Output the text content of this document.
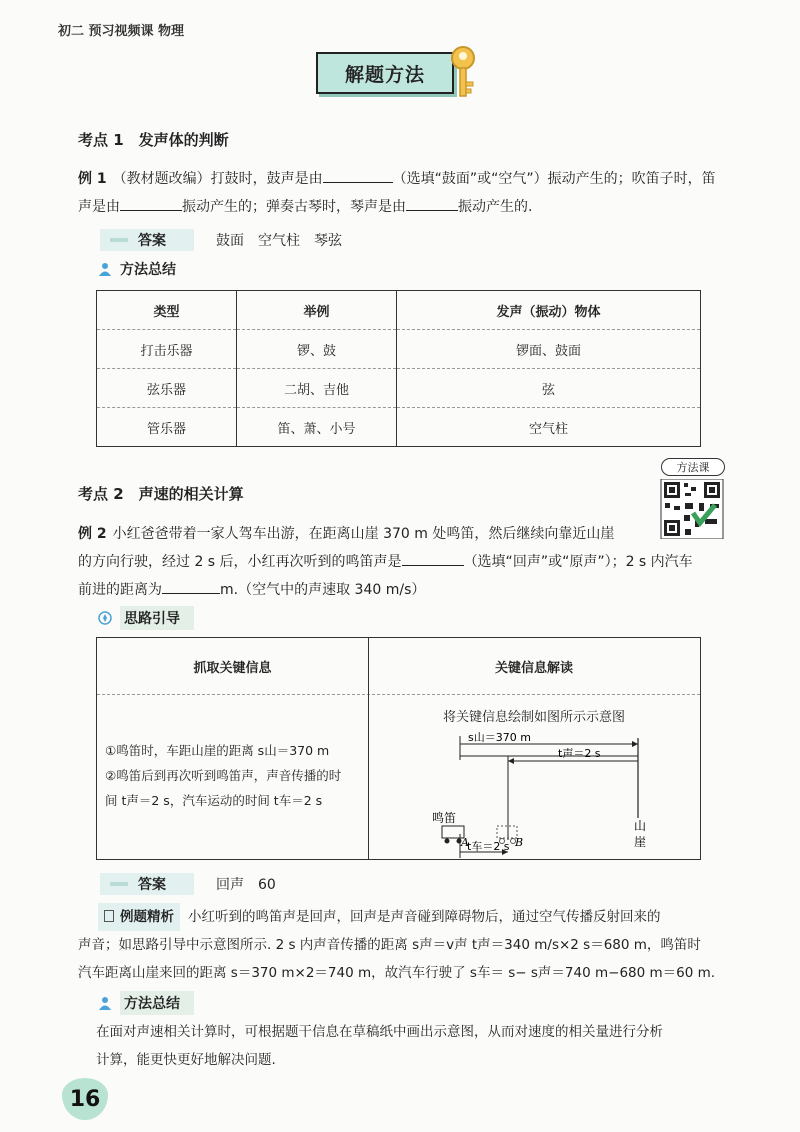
初二 预习视频课 物理
解题方法
考点 1　发声体的判断
例 1 （教材题改编）打鼓时，鼓声是由	（选填“鼓面”或“空气”）振动产生的；吹笛子时，笛
声是由	振动产生的；弹奏古琴时，琴声是由	振动产生的.
答案	鼓面　空气柱　琴弦
方法总结
类型	举例	发声（振动）物体
打击乐器	锣、鼓	锣面、鼓面
弦乐器	二胡、吉他	弦
管乐器	笛、萧、小号	空气柱
考点 2　声速的相关计算
方法课
例 2 小红爸爸带着一家人驾车出游，在距离山崖 370 m 处鸣笛，然后继续向靠近山崖
的方向行驶，经过 2 s 后，小红再次听到的鸣笛声是	（选填“回声”或“原声”）；2 s 内汽车
前进的距离为	m.（空气中的声速取 340 m/s）
思路引导
抓取关键信息	关键信息解读
①鸣笛时，车距山崖的距离 s山＝370 m
②鸣笛后到再次听到鸣笛声，声音传播的时
间 t声＝2 s，汽车运动的时间 t车＝2 s
将关键信息绘制如图所示示意图
s山＝370 m
t声＝2 s
t车＝2 s
鸣笛
A	B
山
崖
答案	回声　60
例题精析 小红听到的鸣笛声是回声，回声是声音碰到障碍物后，通过空气传播反射回来的
声音；如思路引导中示意图所示. 2 s 内声音传播的距离 s声＝v声 t声＝340 m/s×2 s＝680 m，鸣笛时
汽车距离山崖来回的距离 s＝370 m×2＝740 m，故汽车行驶了 s车＝ s− s声＝740 m−680 m＝60 m.
方法总结
在面对声速相关计算时，可根据题干信息在草稿纸中画出示意图，从而对速度的相关量进行分析
计算，能更快更好地解决问题.
16
